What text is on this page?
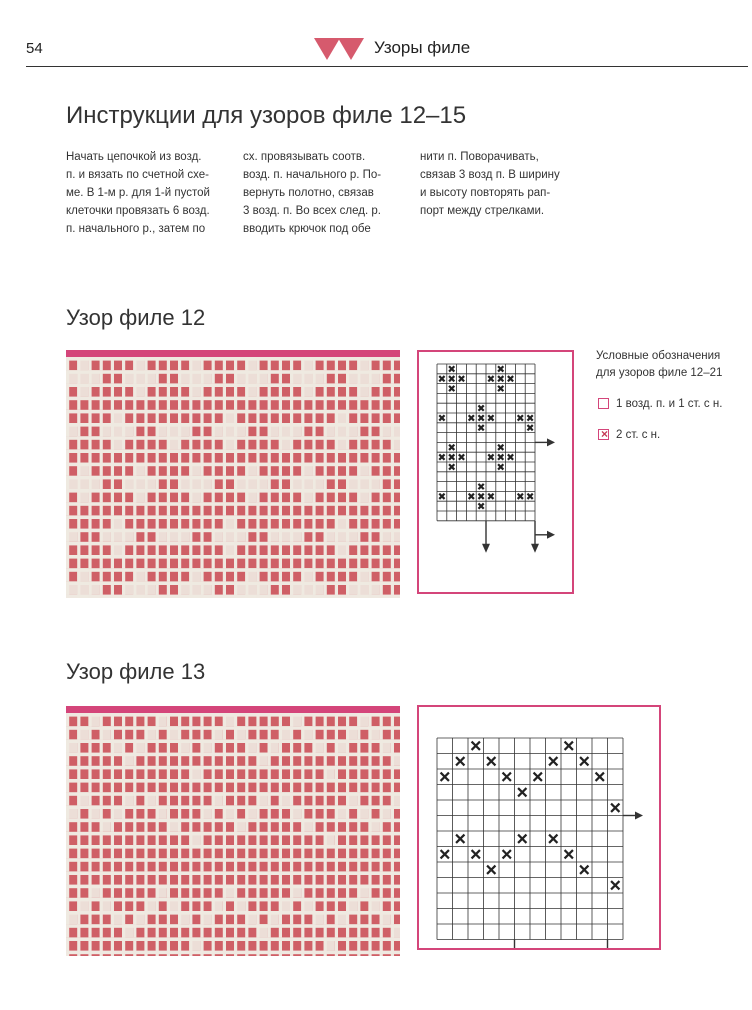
54	Узоры филе
Инструкции для узоров филе 12–15
Начать цепочкой из возд.
п. и вязать по счетной схе-
ме. В 1-м р. для 1-й пустой
клеточки провязать 6 возд.
п. начального р., затем по
сх. провязывать соотв.
возд. п. начального р. По-
вернуть полотно, связав
3 возд. п. Во всех след. р.
вводить крючок под обе
нити п. Поворачивать,
связав 3 возд п. В ширину
и высоту повторять рап-
порт между стрелками.
Узор филе 12
Условные обозначения
для узоров филе 12–21
1 возд. п. и 1 ст. с н.
× 2 ст. с н.
Узор филе 13
